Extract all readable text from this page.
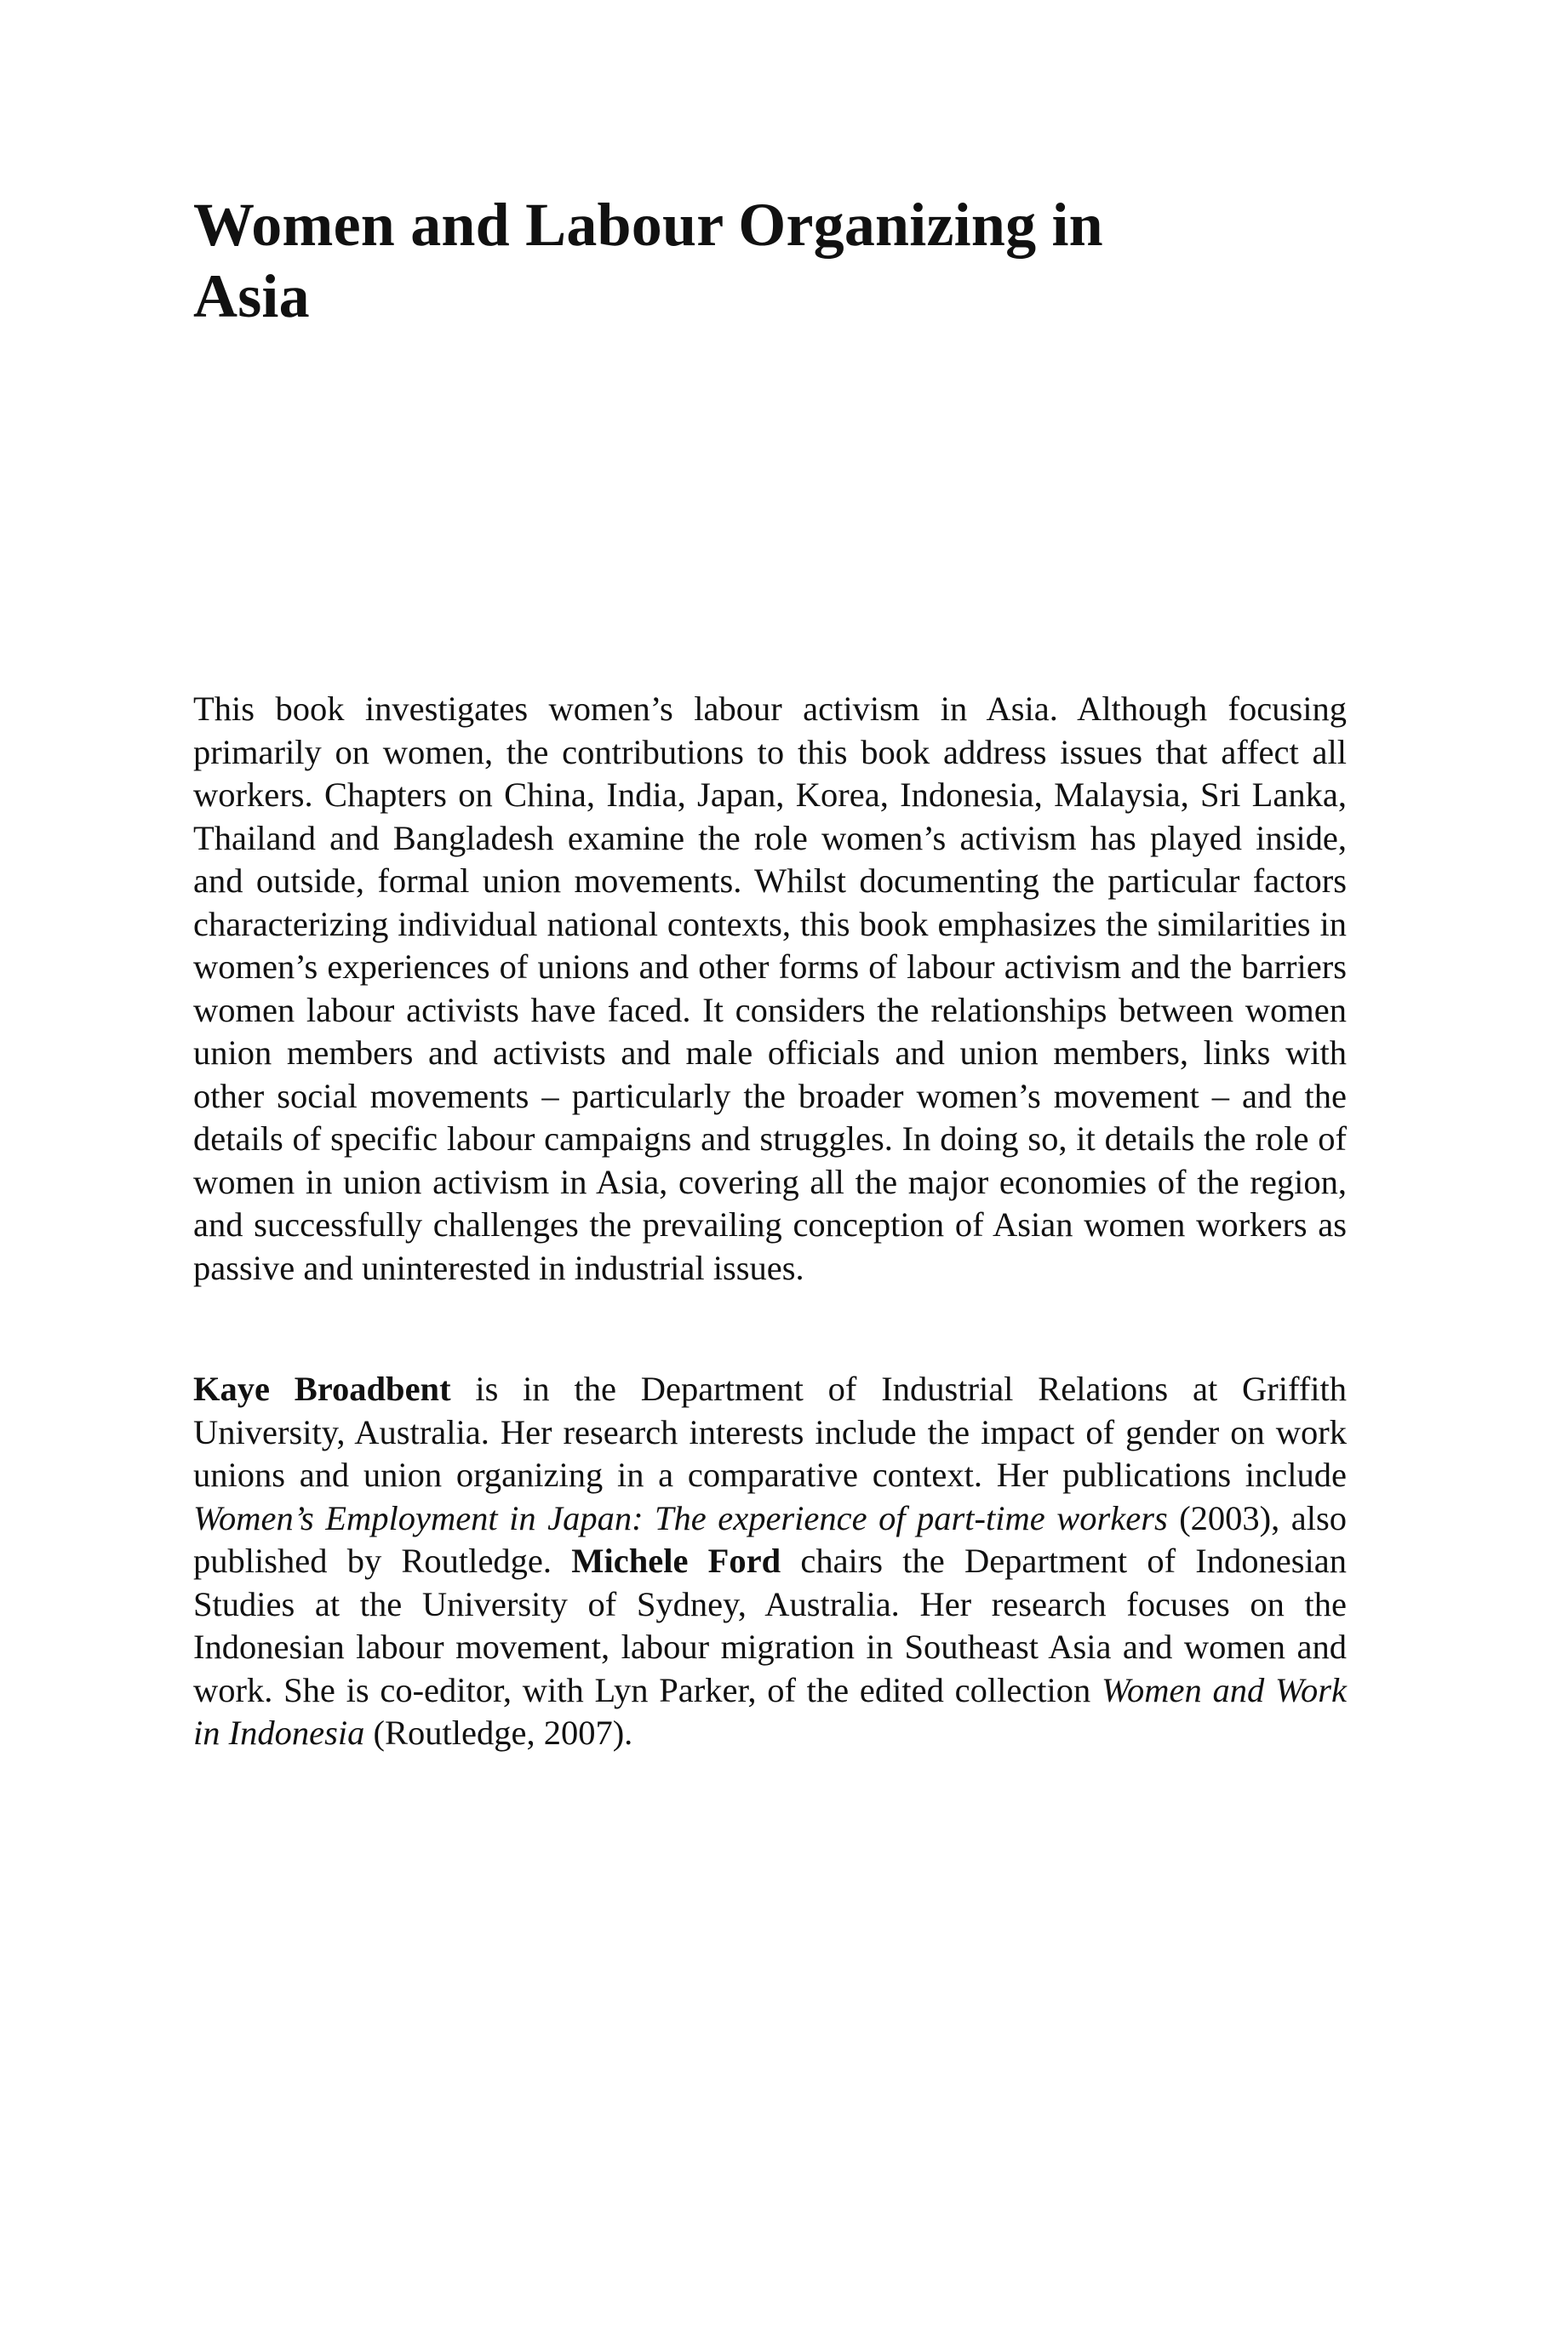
Women and Labour Organizing in
Asia

This book investigates women’s labour activism in Asia. Although focusing primarily on women, the contributions to this book address issues that affect all workers. Chapters on China, India, Japan, Korea, Indonesia, Malaysia, Sri Lanka, Thailand and Bangladesh examine the role women’s activism has played inside, and outside, formal union movements. Whilst documenting the particular factors characterizing individual national contexts, this book emphasizes the similarities in women’s experiences of unions and other forms of labour activism and the barriers women labour activists have faced. It considers the relationships between women union members and activists and male officials and union members, links with other social movements – particularly the broader women’s movement – and the details of specific labour campaigns and struggles. In doing so, it details the role of women in union activism in Asia, covering all the major economies of the region, and successfully challenges the prevailing conception of Asian women workers as passive and uninterested in industrial issues.

Kaye Broadbent is in the Department of Industrial Relations at Griffith University, Australia. Her research interests include the impact of gender on work unions and union organizing in a comparative context. Her publications include Women’s Employment in Japan: The experience of part-time workers (2003), also published by Routledge. Michele Ford chairs the Department of Indonesian Studies at the University of Sydney, Australia. Her research focuses on the Indonesian labour movement, labour migration in Southeast Asia and women and work. She is co-editor, with Lyn Parker, of the edited collection Women and Work in Indonesia (Routledge, 2007).
